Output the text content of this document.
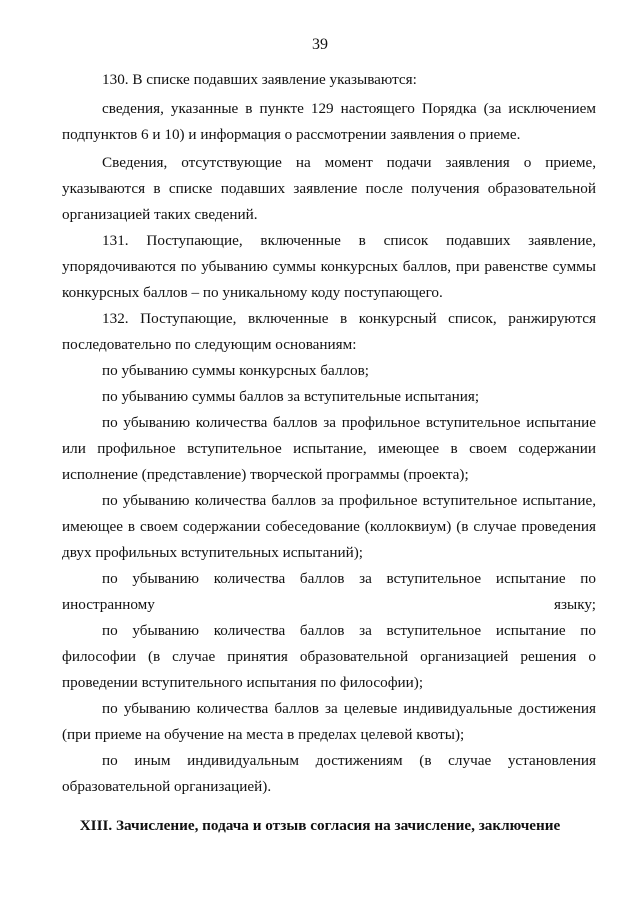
39

130. В списке подавших заявление указываются:

сведения, указанные в пункте 129 настоящего Порядка (за исключением подпунктов 6 и 10) и информация о рассмотрении заявления о приеме.

Сведения, отсутствующие на момент подачи заявления о приеме, указываются в списке подавших заявление после получения образовательной организацией таких сведений.

131. Поступающие, включенные в список подавших заявление, упорядочиваются по убыванию суммы конкурсных баллов, при равенстве суммы конкурсных баллов – по уникальному коду поступающего.

132. Поступающие, включенные в конкурсный список, ранжируются последовательно по следующим основаниям:

по убыванию суммы конкурсных баллов;

по убыванию суммы баллов за вступительные испытания;

по убыванию количества баллов за профильное вступительное испытание или профильное вступительное испытание, имеющее в своем содержании исполнение (представление) творческой программы (проекта);

по убыванию количества баллов за профильное вступительное испытание, имеющее в своем содержании собеседование (коллоквиум) (в случае проведения двух профильных вступительных испытаний);

по убыванию количества баллов за вступительное испытание по иностранному языку;

по убыванию количества баллов за вступительное испытание по философии (в случае принятия образовательной организацией решения о проведении вступительного испытания по философии);

по убыванию количества баллов за целевые индивидуальные достижения (при приеме на обучение на места в пределах целевой квоты);

по иным индивидуальным достижениям (в случае установления образовательной организацией).

XIII. Зачисление, подача и отзыв согласия на зачисление, заключение
